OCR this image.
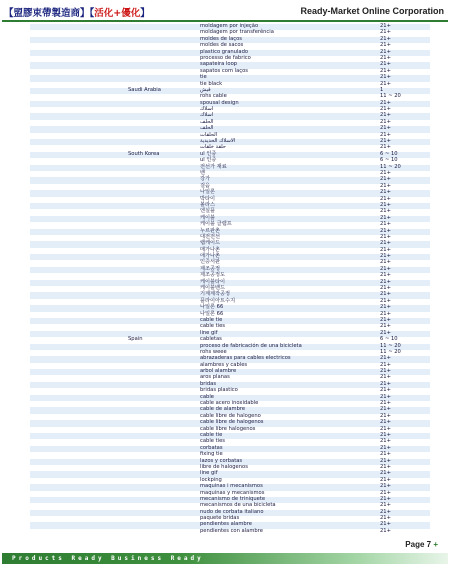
【盟膠束帶製造商】【活化+優化】	Ready-Market Online Corporation
moldagem por injeção	21+
moldagem por transferência	21+
moldes de laços	21+
moldes de sacos	21+
plastico granulado	21+
processo de fabrico	21+
sapateira loop	21+
sapatos com laços	21+
tie	21+
tie black	21+
Saudi Arabia	قيش	1
rohs cable	11 ~ 20
spousal design	21+
اسلاك	21+
اسلاك	21+
الحلف	21+
الحلف	21+
الحلقات	21+
الاسلاك الحديدية	21+
حلقة خلقات	21+
South Korea	ul 인증	6 ~ 10
ul 인증	6 ~ 10
전선가 재료	11 ~ 20
밴	21+
강가	21+
걸음	21+
나일론	21+
박타이	21+
볼라스	21+
엔실플	21+
케이블	21+
케이블 클램프	21+
누르판촌	21+
대전전선	21+
랩케이드	21+
매가나촌	21+
애가나촌	21+
인증서판	21+
제조공정	21+
제조공정도	21+
케이블타이	21+
케이블밴드	21+
기계제작공정	21+
플라이아트수지	21+
나일론 66	21+
나일론 66	21+
cable tie	21+
cable ties	21+
line gif	21+
Spain	cabletas	6 ~ 10
proceso de fabricación de una bicicleta	11 ~ 20
rohs weee	11 ~ 20
abrazaderas para cables electricos	21+
alambres y cables	21+
arbol alambre	21+
aros planas	21+
bridas	21+
bridas plastico	21+
cable	21+
cable acero inoxidable	21+
cable de alambre	21+
cable libre de halogeno	21+
cable libre de halogenos	21+
cable libre halogenos	21+
cable tie	21+
cable ties	21+
corbatas	21+
fixing tie	21+
lazos y corbatas	21+
libre de halogenos	21+
line gif	21+
lockping	21+
maquinas i mecanismos	21+
maquinas y mecanismos	21+
mecanismo de triniquete	21+
mecanismos de una bicicleta	21+
nudo de corbata italiano	21+
paquete bridas	21+
pendientes alambre	21+
pendientes con alambre	21+
Page 7 +
Products Ready Business Ready
